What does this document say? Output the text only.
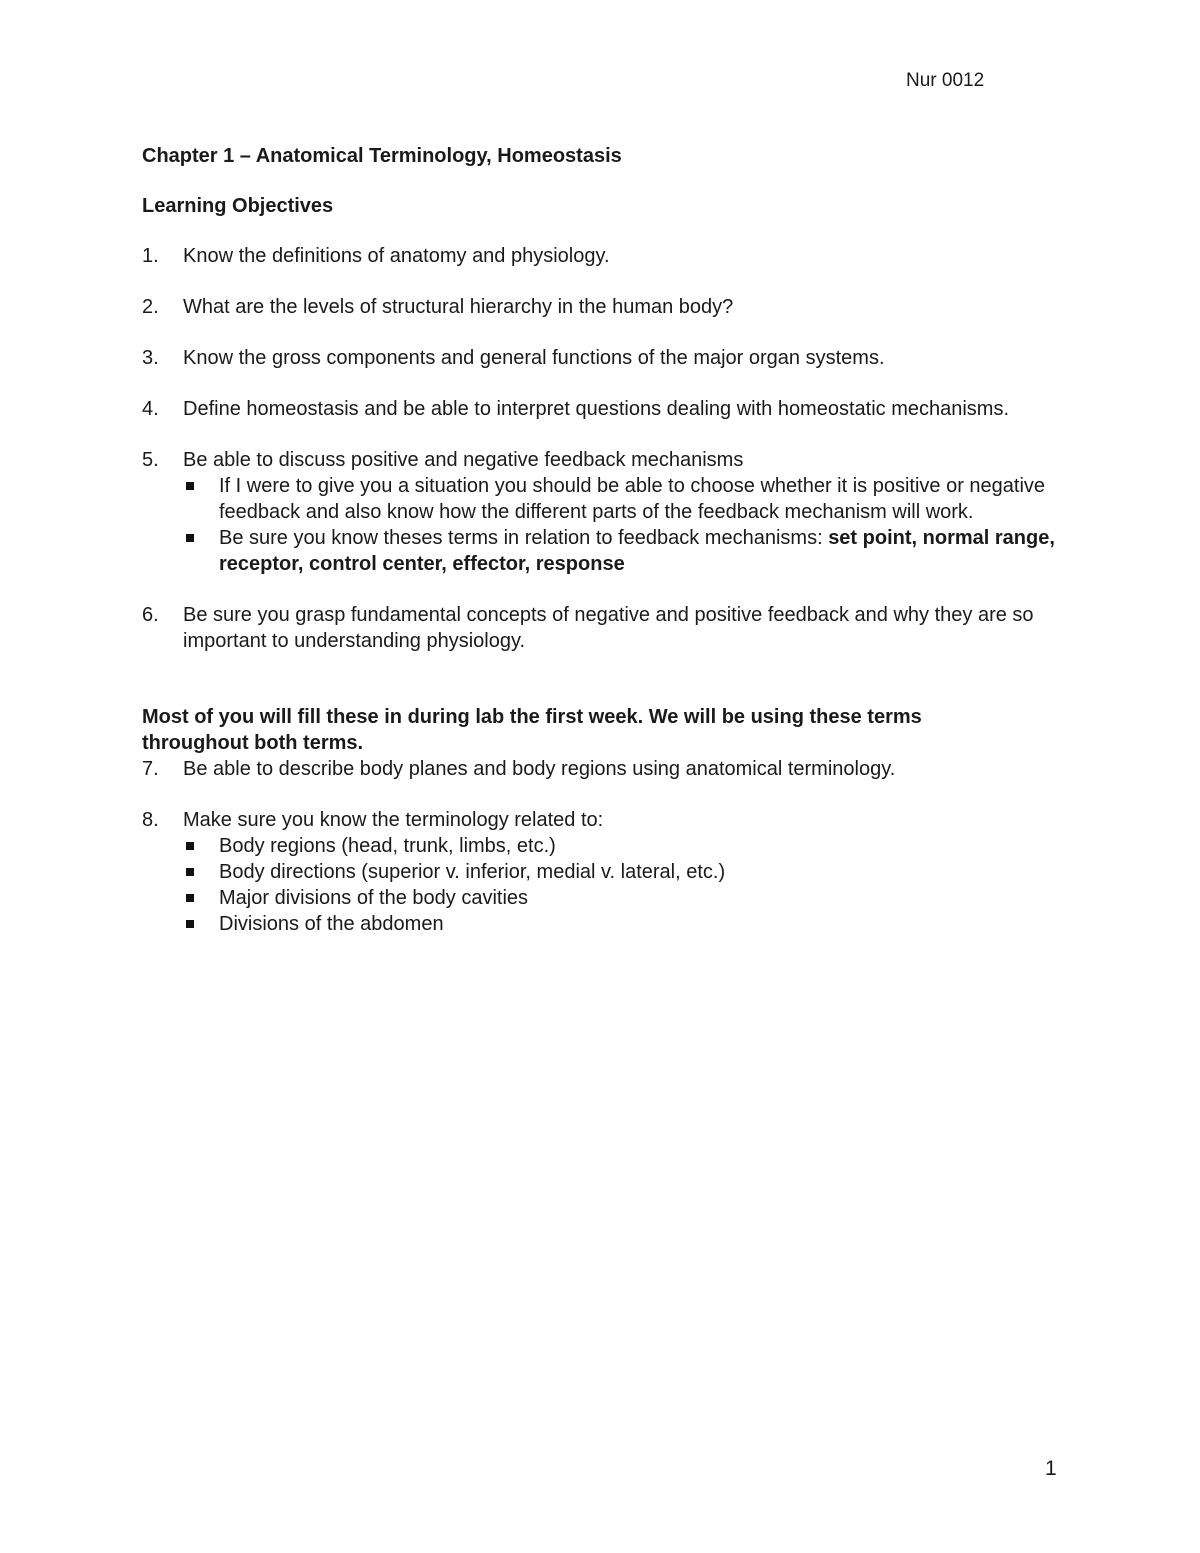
Nur 0012
Chapter 1 – Anatomical Terminology, Homeostasis
Learning Objectives
1. Know the definitions of anatomy and physiology.
2. What are the levels of structural hierarchy in the human body?
3. Know the gross components and general functions of the major organ systems.
4. Define homeostasis and be able to interpret questions dealing with homeostatic mechanisms.
5. Be able to discuss positive and negative feedback mechanisms
If I were to give you a situation you should be able to choose whether it is positive or negative feedback and also know how the different parts of the feedback mechanism will work.
Be sure you know theses terms in relation to feedback mechanisms: set point, normal range, receptor, control center, effector, response
6. Be sure you grasp fundamental concepts of negative and positive feedback and why they are so important to understanding physiology.
Most of you will fill these in during lab the first week. We will be using these terms throughout both terms.
7. Be able to describe body planes and body regions using anatomical terminology.
8. Make sure you know the terminology related to:
Body regions (head, trunk, limbs, etc.)
Body directions (superior v. inferior, medial v. lateral, etc.)
Major divisions of the body cavities
Divisions of the abdomen
1
